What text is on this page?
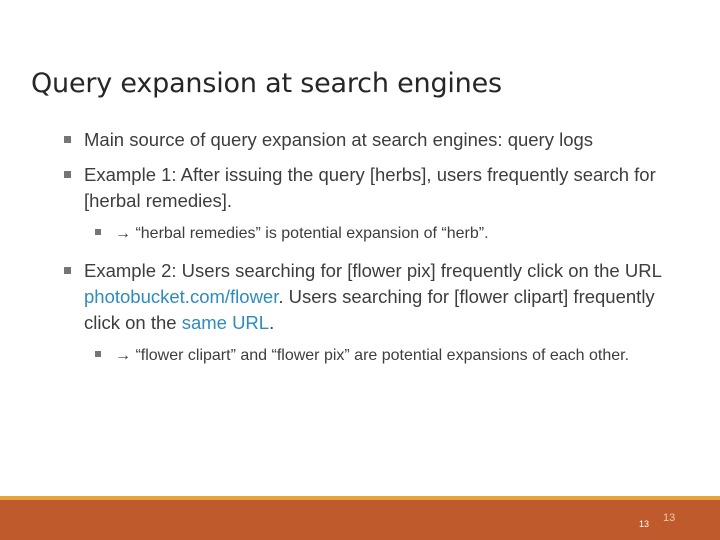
Query expansion at search engines
Main source of query expansion at search engines: query logs
Example 1: After issuing the query [herbs], users frequently search for [herbal remedies].
→ “herbal remedies” is potential expansion of “herb”.
Example 2: Users searching for [flower pix] frequently click on the URL photobucket.com/flower. Users searching for [flower clipart] frequently click on the same URL.
→ “flower clipart” and “flower pix” are potential expansions of each other.
13 13
